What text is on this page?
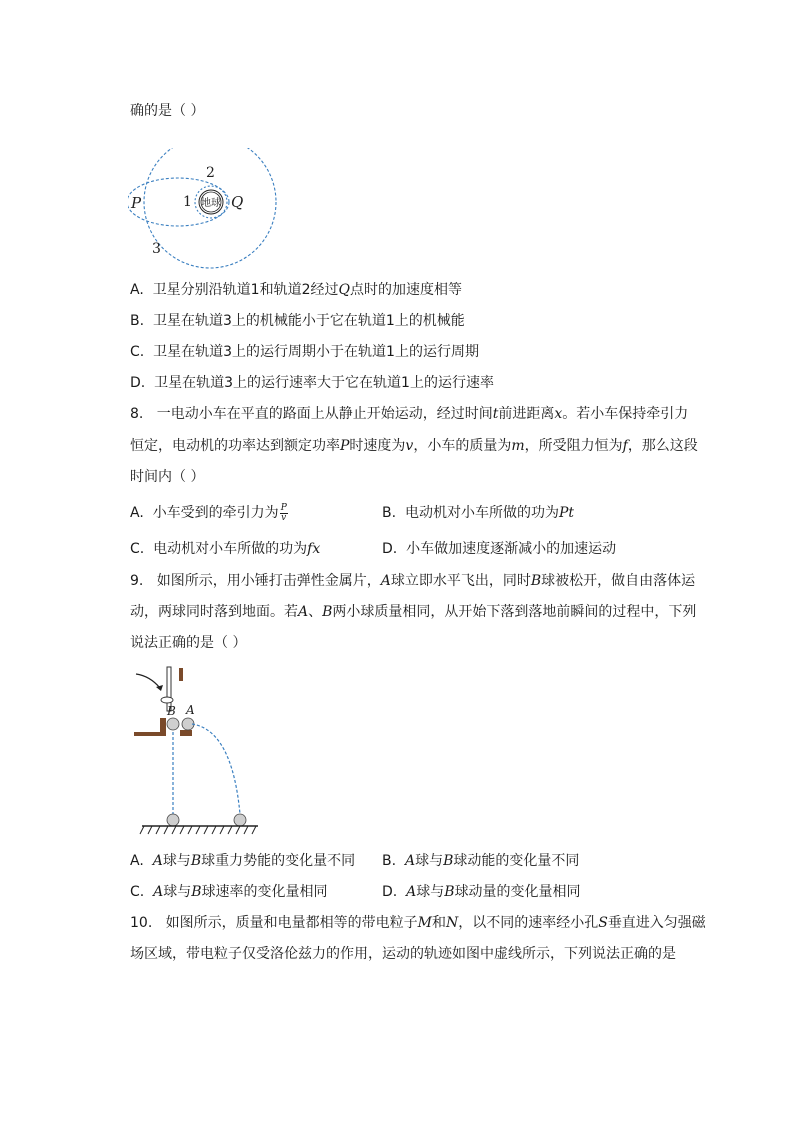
确的是（ ）
地球
P	Q
1
2
3
A. 卫星分别沿轨道1和轨道2经过Q点时的加速度相等
B. 卫星在轨道3上的机械能小于它在轨道1上的机械能
C. 卫星在轨道3上的运行周期小于在轨道1上的运行周期
D. 卫星在轨道3上的运行速率大于它在轨道1上的运行速率
8. 一电动小车在平直的路面上从静止开始运动，经过时间t前进距离x。若小车保持牵引力
恒定，电动机的功率达到额定功率P时速度为v，小车的质量为m，所受阻力恒为f，那么这段
时间内（ ）
A. 小车受到的牵引力为 $\frac{P}{v}$	B. 电动机对小车所做的功为Pt
C. 电动机对小车所做的功为fx	D. 小车做加速度逐渐减小的加速运动
9. 如图所示，用小锤打击弹性金属片，A球立即水平飞出，同时B球被松开，做自由落体运
动，两球同时落到地面。若A、B两小球质量相同，从开始下落到落地前瞬间的过程中，下列
说法正确的是（ ）
B A
A. A球与B球重力势能的变化量不同 B. A球与B球动能的变化量不同
C. A球与B球速率的变化量相同	D. A球与B球动量的变化量相同
10. 如图所示，质量和电量都相等的带电粒子M和N，以不同的速率经小孔S垂直进入匀强磁
场区域，带电粒子仅受洛伦兹力的作用，运动的轨迹如图中虚线所示，下列说法正确的是
